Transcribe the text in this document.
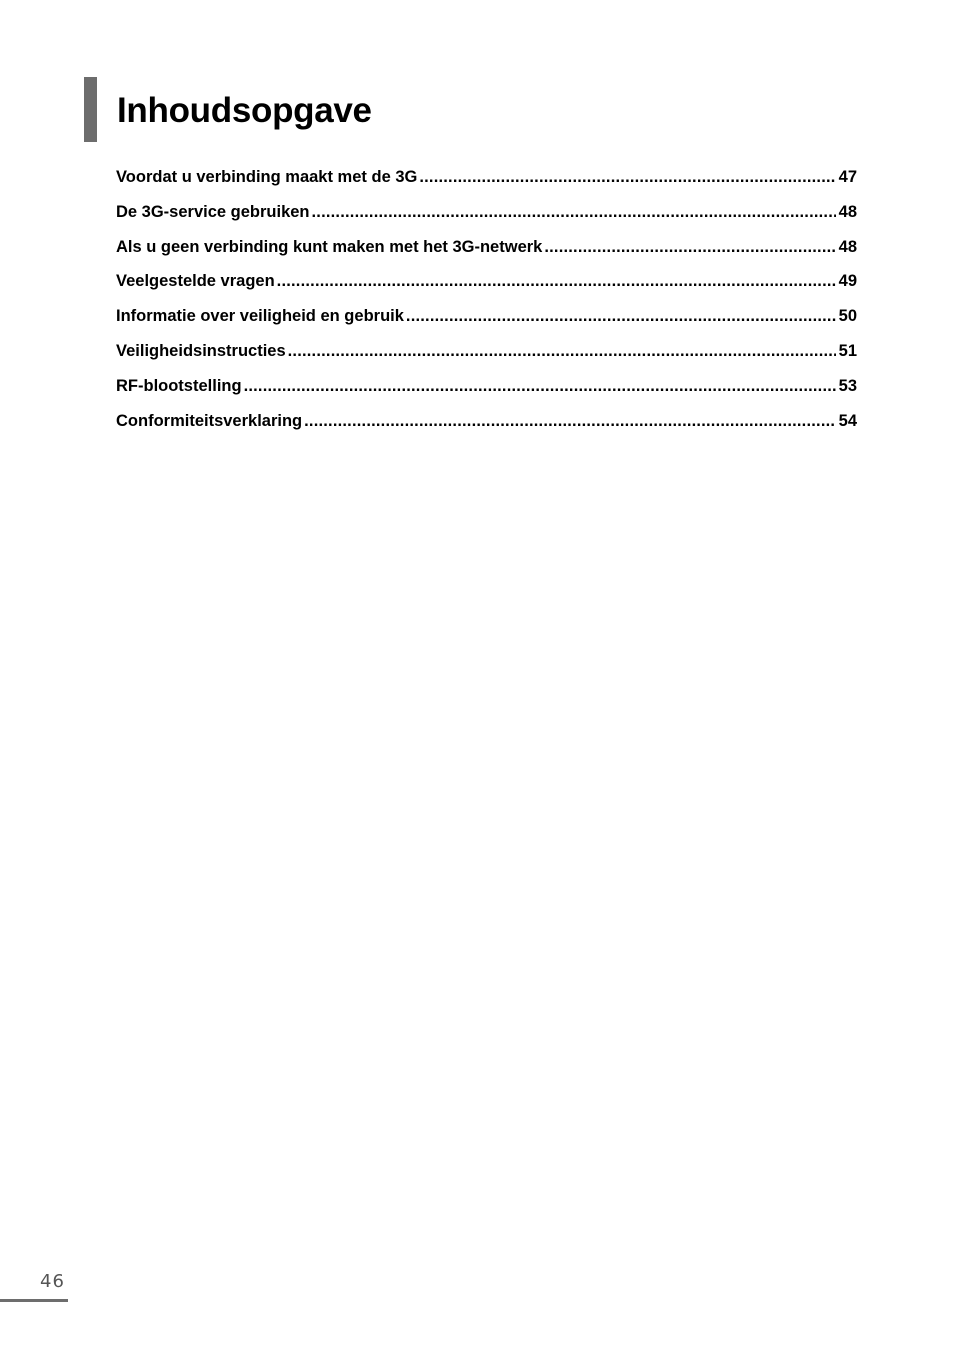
Inhoudsopgave
Voordat u verbinding maakt met de 3G .....	47
De 3G-service gebruiken .....	48
Als u geen verbinding kunt maken met het 3G-netwerk .....	48
Veelgestelde vragen .....	49
Informatie over veiligheid en gebruik .....	50
Veiligheidsinstructies .....	51
RF-blootstelling .....	53
Conformiteitsverklaring .....	54
46
